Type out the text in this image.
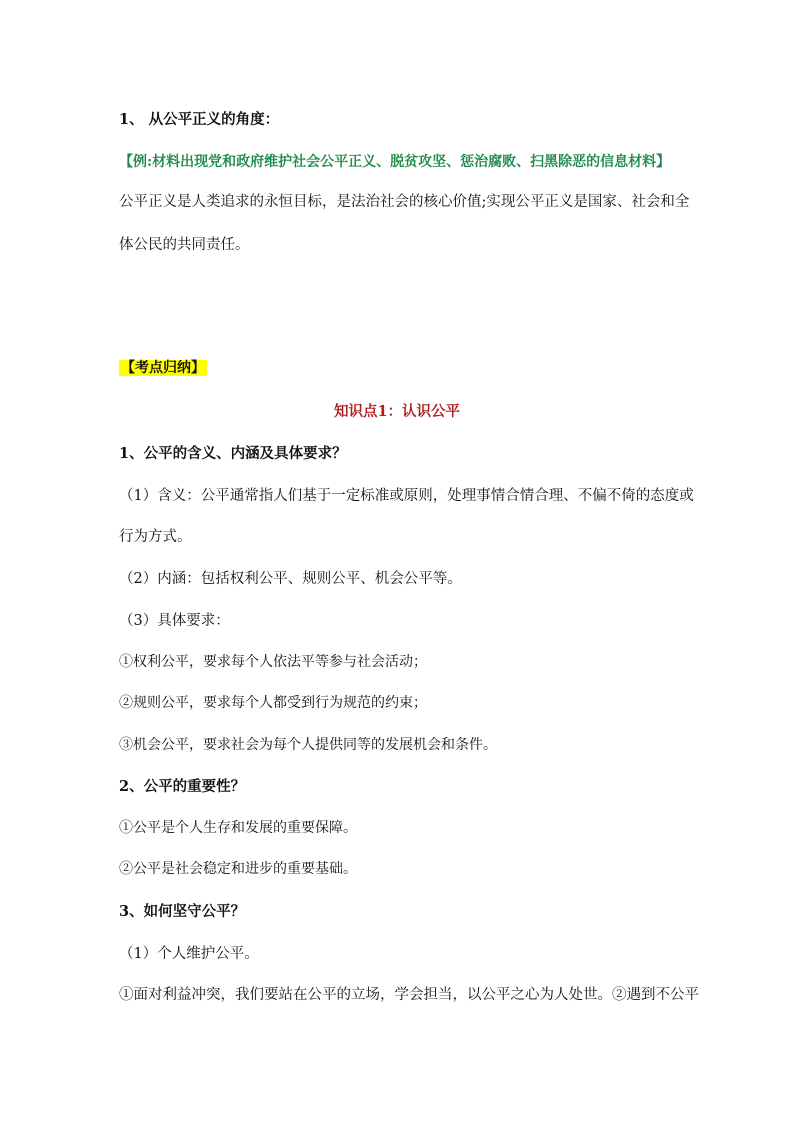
1、 从公平正义的角度：
【例:材料出现党和政府维护社会公平正义、脱贫攻坚、惩治腐败、扫黑除恶的信息材料】
公平正义是人类追求的永恒目标，是法治社会的核心价值;实现公平正义是国家、社会和全
体公民的共同责任。
【考点归纳】
知识点1：认识公平
1、公平的含义、内涵及具体要求？
（1）含义：公平通常指人们基于一定标准或原则，处理事情合情合理、不偏不倚的态度或
行为方式。
（2）内涵：包括权利公平、规则公平、机会公平等。
（3）具体要求：
①权利公平，要求每个人依法平等参与社会活动；
②规则公平，要求每个人都受到行为规范的约束；
③机会公平，要求社会为每个人提供同等的发展机会和条件。
2、公平的重要性？
①公平是个人生存和发展的重要保障。
②公平是社会稳定和进步的重要基础。
3、如何坚守公平？
（1）个人维护公平。
①面对利益冲突，我们要站在公平的立场，学会担当，以公平之心为人处世。②遇到不公平
